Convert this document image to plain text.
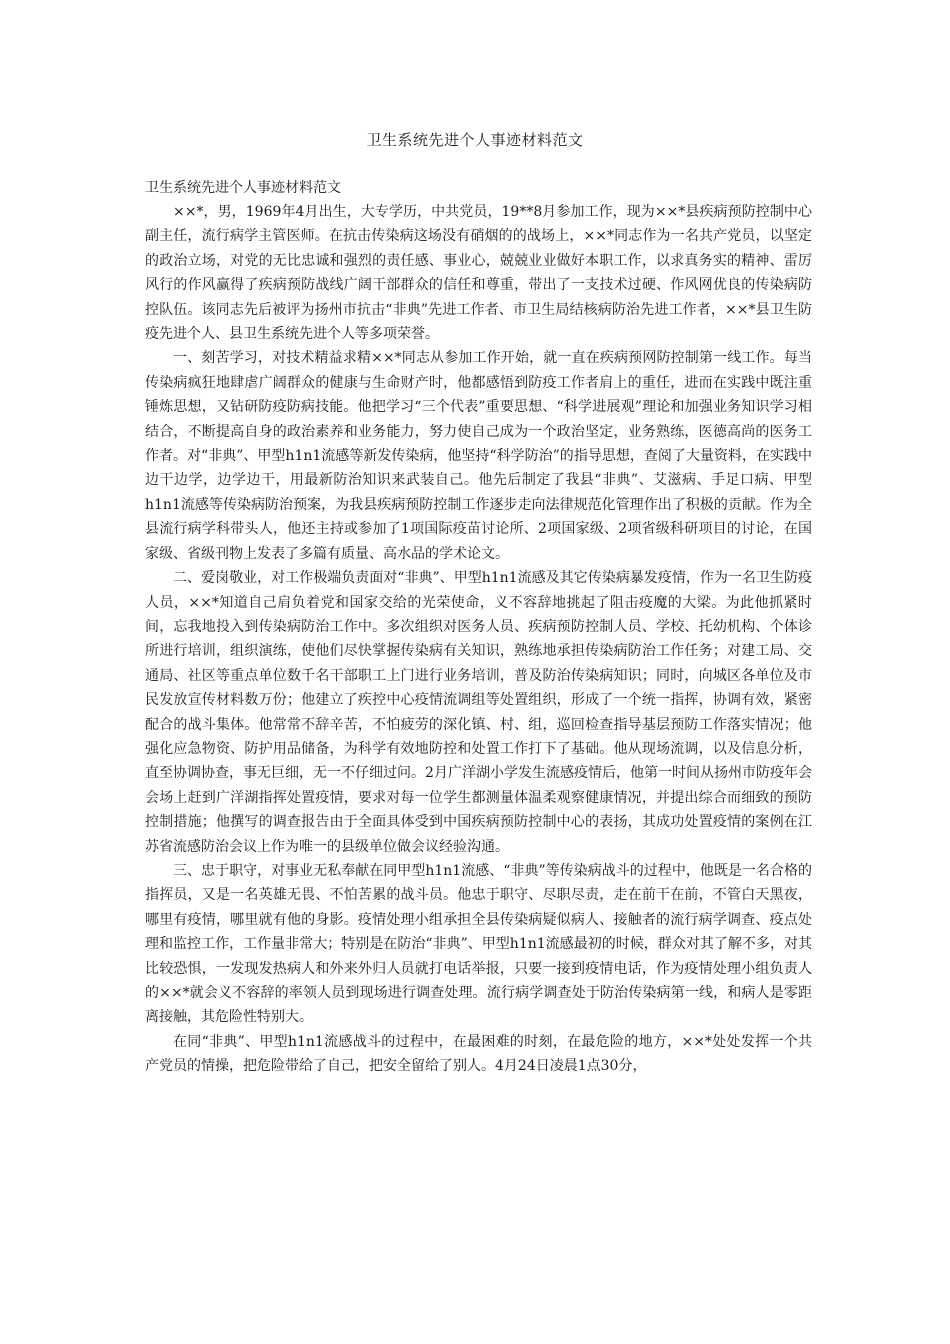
卫生系统先进个人事迹材料范文

卫生系统先进个人事迹材料范文

××*，男，1969年4月出生，大专学历，中共党员，19**8月参加工作，现为××*县疾病预防控制中心副主任，流行病学主管医师。在抗击传染病这场没有硝烟的的战场上，××*同志作为一名共产党员，以坚定的政治立场，对党的无比忠诚和强烈的责任感、事业心，兢兢业业做好本职工作，以求真务实的精神、雷厉风行的作风赢得了疾病预防战线广阔干部群众的信任和尊重，带出了一支技术过硬、作风网优良的传染病防控队伍。该同志先后被评为扬州市抗击“非典”先进工作者、市卫生局结核病防治先进工作者，××*县卫生防疫先进个人、县卫生系统先进个人等多项荣誉。

一、刻苦学习，对技术精益求精××*同志从参加工作开始，就一直在疾病预网防控制第一线工作。每当传染病疯狂地肆虐广阔群众的健康与生命财产时，他都感悟到防疫工作者肩上的重任，进而在实践中既注重锤炼思想，又钻研防疫防病技能。他把学习“三个代表”重要思想、“科学进展观”理论和加强业务知识学习相结合，不断提高自身的政治素养和业务能力，努力使自己成为一个政治坚定，业务熟练，医德高尚的医务工作者。对“非典”、甲型h1n1流感等新发传染病，他坚持“科学防治”的指导思想，查阅了大量资料，在实践中边干边学，边学边干，用最新防治知识来武装自己。他先后制定了我县“非典”、艾滋病、手足口病、甲型h1n1流感等传染病防治预案，为我县疾病预防控制工作逐步走向法律规范化管理作出了积极的贡献。作为全县流行病学科带头人，他还主持或参加了1项国际疫苗讨论所、2项国家级、2项省级科研项目的讨论，在国家级、省级刊物上发表了多篇有质量、高水品的学术论文。

二、爱岗敬业，对工作极端负责面对“非典”、甲型h1n1流感及其它传染病暴发疫情，作为一名卫生防疫人员，××*知道自己肩负着党和国家交给的光荣使命，义不容辞地挑起了阻击疫魔的大梁。为此他抓紧时间，忘我地投入到传染病防治工作中。多次组织对医务人员、疾病预防控制人员、学校、托幼机构、个体诊所进行培训，组织演练，使他们尽快掌握传染病有关知识，熟练地承担传染病防治工作任务；对建工局、交通局、社区等重点单位数千名干部职工上门进行业务培训，普及防治传染病知识；同时，向城区各单位及市民发放宣传材料数万份；他建立了疾控中心疫情流调组等处置组织，形成了一个统一指挥，协调有效，紧密配合的战斗集体。他常常不辞辛苦，不怕疲劳的深化镇、村、组，巡回检查指导基层预防工作落实情况；他强化应急物资、防护用品储备，为科学有效地防控和处置工作打下了基础。他从现场流调，以及信息分析，直至协调协查，事无巨细，无一不仔细过问。2月广洋湖小学发生流感疫情后，他第一时间从扬州市防疫年会会场上赶到广洋湖指挥处置疫情，要求对每一位学生都测量体温柔观察健康情况，并提出综合而细致的预防控制措施；他撰写的调查报告由于全面具体受到中国疾病预防控制中心的表扬，其成功处置疫情的案例在江苏省流感防治会议上作为唯一的县级单位做会议经验沟通。

三、忠于职守，对事业无私奉献在同甲型h1n1流感、“非典”等传染病战斗的过程中，他既是一名合格的指挥员，又是一名英雄无畏、不怕苦累的战斗员。他忠于职守、尽职尽责，走在前干在前，不管白天黑夜，哪里有疫情，哪里就有他的身影。疫情处理小组承担全县传染病疑似病人、接触者的流行病学调查、疫点处理和监控工作，工作量非常大；特别是在防治“非典”、甲型h1n1流感最初的时候，群众对其了解不多，对其比较恐惧，一发现发热病人和外来外归人员就打电话举报，只要一接到疫情电话，作为疫情处理小组负责人的××*就会义不容辞的率领人员到现场进行调查处理。流行病学调查处于防治传染病第一线，和病人是零距离接触，其危险性特别大。

在同“非典”、甲型h1n1流感战斗的过程中，在最困难的时刻，在最危险的地方，××*处处发挥一个共产党员的情操，把危险带给了自己，把安全留给了别人。4月24日凌晨1点30分，
